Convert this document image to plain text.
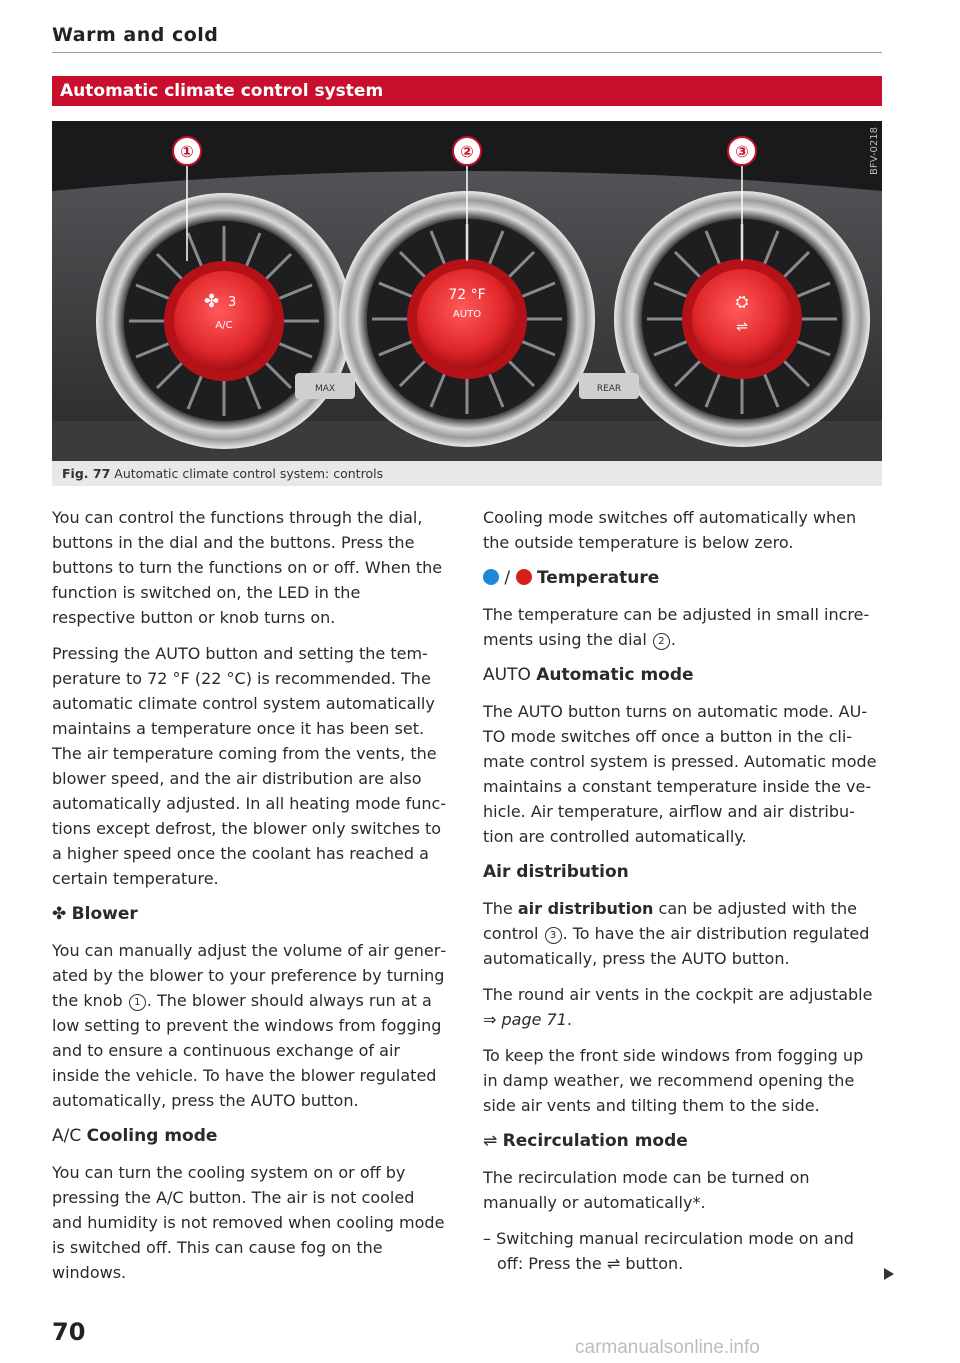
Warm and cold
Automatic climate control system
✤ 3
A/C
72 °F
AUTO
⛭
⇌
MAX	REAR
①	②	③	BFV-0218
Fig. 77 Automatic climate control system: controls

You can control the functions through the dial, buttons in the dial and the buttons. Press the buttons to turn the functions on or off. When the function is switched on, the LED in the respective button or knob turns on.

Pressing the AUTO button and setting the temperature to 72 °F (22 °C) is recommended. The automatic climate control system automatically maintains a temperature once it has been set. The air temperature coming from the vents, the blower speed, and the air distribution are also automatically adjusted. In all heating mode functions except defrost, the blower only switches to a higher speed once the coolant has reached a certain temperature.

✤ Blower

You can manually adjust the volume of air generated by the blower to your preference by turning the knob 1 . The blower should always run at a low setting to prevent the windows from fogging and to ensure a continuous exchange of air inside the vehicle. To have the blower regulated automatically, press the AUTO button.

A/C Cooling mode

You can turn the cooling system on or off by pressing the A/C button. The air is not cooled and humidity is not removed when cooling mode is switched off. This can cause fog on the windows.

Cooling mode switches off automatically when the outside temperature is below zero.

/ Temperature

The temperature can be adjusted in small increments using the dial 2 .

AUTO Automatic mode

The AUTO button turns on automatic mode. AUTO mode switches off once a button in the climate control system is pressed. Automatic mode maintains a constant temperature inside the vehicle. Air temperature, airflow and air distribution are controlled automatically.

Air distribution

The air distribution can be adjusted with the control 3 . To have the air distribution regulated automatically, press the AUTO button.

The round air vents in the cockpit are adjustable ⇒ page 71.

To keep the front side windows from fogging up in damp weather, we recommend opening the side air vents and tilting them to the side.

⇌ Recirculation mode

The recirculation mode can be turned on manually or automatically*.

– Switching manual recirculation mode on and off: Press the ⇌ button.

70
carmanualsonline.info
